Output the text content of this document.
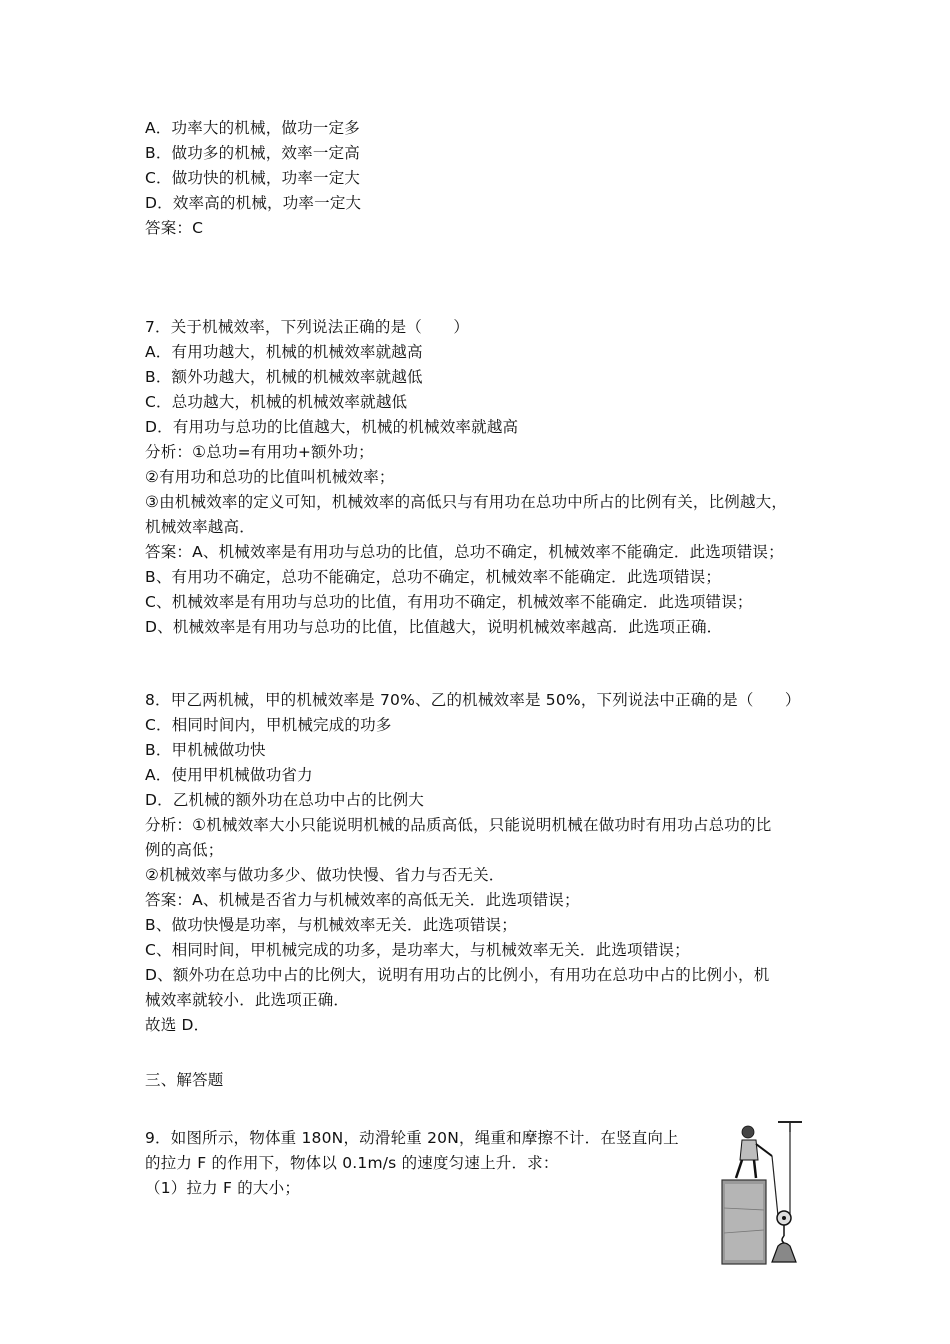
A．功率大的机械，做功一定多
B．做功多的机械，效率一定高
C．做功快的机械，功率一定大
D．效率高的机械，功率一定大
答案：C
7．关于机械效率，下列说法正确的是（　　）
A．有用功越大，机械的机械效率就越高
B．额外功越大，机械的机械效率就越低
C．总功越大，机械的机械效率就越低
D．有用功与总功的比值越大，机械的机械效率就越高
分析：①总功=有用功+额外功；
②有用功和总功的比值叫机械效率；
③由机械效率的定义可知，机械效率的高低只与有用功在总功中所占的比例有关，比例越大，
机械效率越高．
答案：A、机械效率是有用功与总功的比值，总功不确定，机械效率不能确定．此选项错误；
B、有用功不确定，总功不能确定，总功不确定，机械效率不能确定．此选项错误；
C、机械效率是有用功与总功的比值，有用功不确定，机械效率不能确定．此选项错误；
D、机械效率是有用功与总功的比值，比值越大，说明机械效率越高．此选项正确．
8．甲乙两机械，甲的机械效率是 70%、乙的机械效率是 50%，下列说法中正确的是（　　）
C．相同时间内，甲机械完成的功多
B．甲机械做功快
A．使用甲机械做功省力
D．乙机械的额外功在总功中占的比例大
分析：①机械效率大小只能说明机械的品质高低，只能说明机械在做功时有用功占总功的比
例的高低；
②机械效率与做功多少、做功快慢、省力与否无关．
答案：A、机械是否省力与机械效率的高低无关．此选项错误；
B、做功快慢是功率，与机械效率无关．此选项错误；
C、相同时间，甲机械完成的功多，是功率大，与机械效率无关．此选项错误；
D、额外功在总功中占的比例大，说明有用功占的比例小，有用功在总功中占的比例小，机
械效率就较小．此选项正确．
故选 D．
三、解答题
9．如图所示，物体重 180N，动滑轮重 20N，绳重和摩擦不计．在竖直向上
的拉力 F 的作用下，物体以 0.1m/s 的速度匀速上升．求：
（1）拉力 F 的大小；
